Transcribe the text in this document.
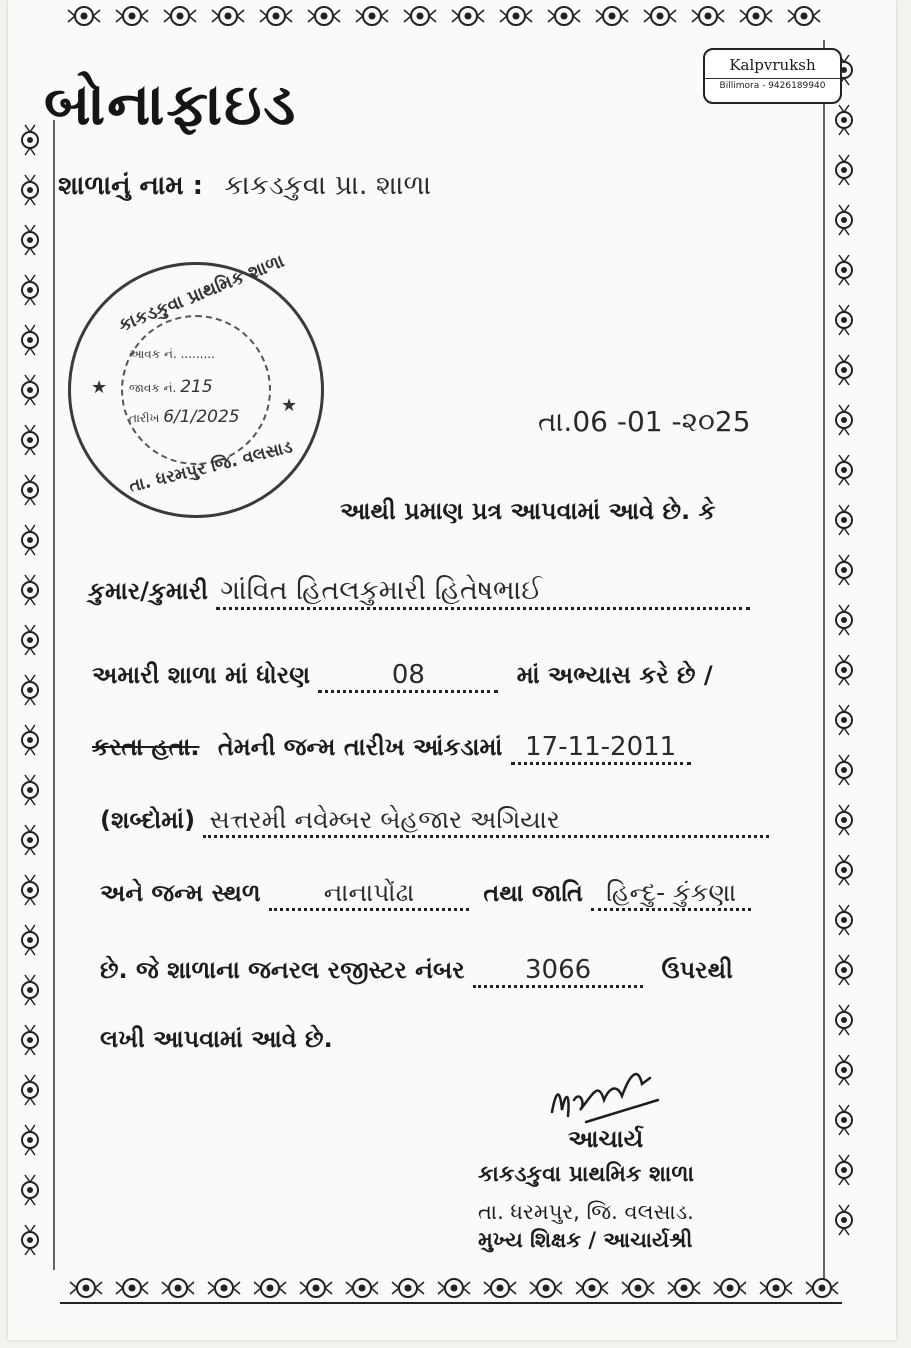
બોનાફાઇડ
Kalpvruksh
Billimora - 9426189940
શાળાનું નામ : કાકડકુવા પ્રા. શાળા
કાકડકુવા પ્રાથમિક શાળા
આવક નં. .........
જાવક નં. 215
તારીખ 6/1/2025
★
★
તા. ધરમપુર જિ. વલસાડ
તા.06 -01 -૨૦25
આથી પ્રમાણ પ્રત્ર આપવામાં આવે છે. કે
કુમાર/કુમારી ગાંવિત હિતલકુમારી હિતેષભાઈ
અમારી શાળા માં ધોરણ	08	માં અભ્યાસ કરે છે /
કરતા હતા. તેમની જન્મ તારીખ આંકડામાં 17-11-2011
(શબ્દોમાં) સત્તરમી નવેમ્બર બેહજાર અગિયાર
અને જન્મ સ્થળ	નાનાપોંઢા	તથા જાતિ હિન્દુ- કુંકણા
છે. જે શાળાના જનરલ રજીસ્ટર નંબર 3066	ઉપરથી
લખી આપવામાં આવે છે.
આચાર્ય
કાકડકુવા પ્રાથમિક શાળા
તા. ધરમપુર, જિ. વલસાડ.
મુખ્ય શિક્ષક / આચાર્યશ્રી
